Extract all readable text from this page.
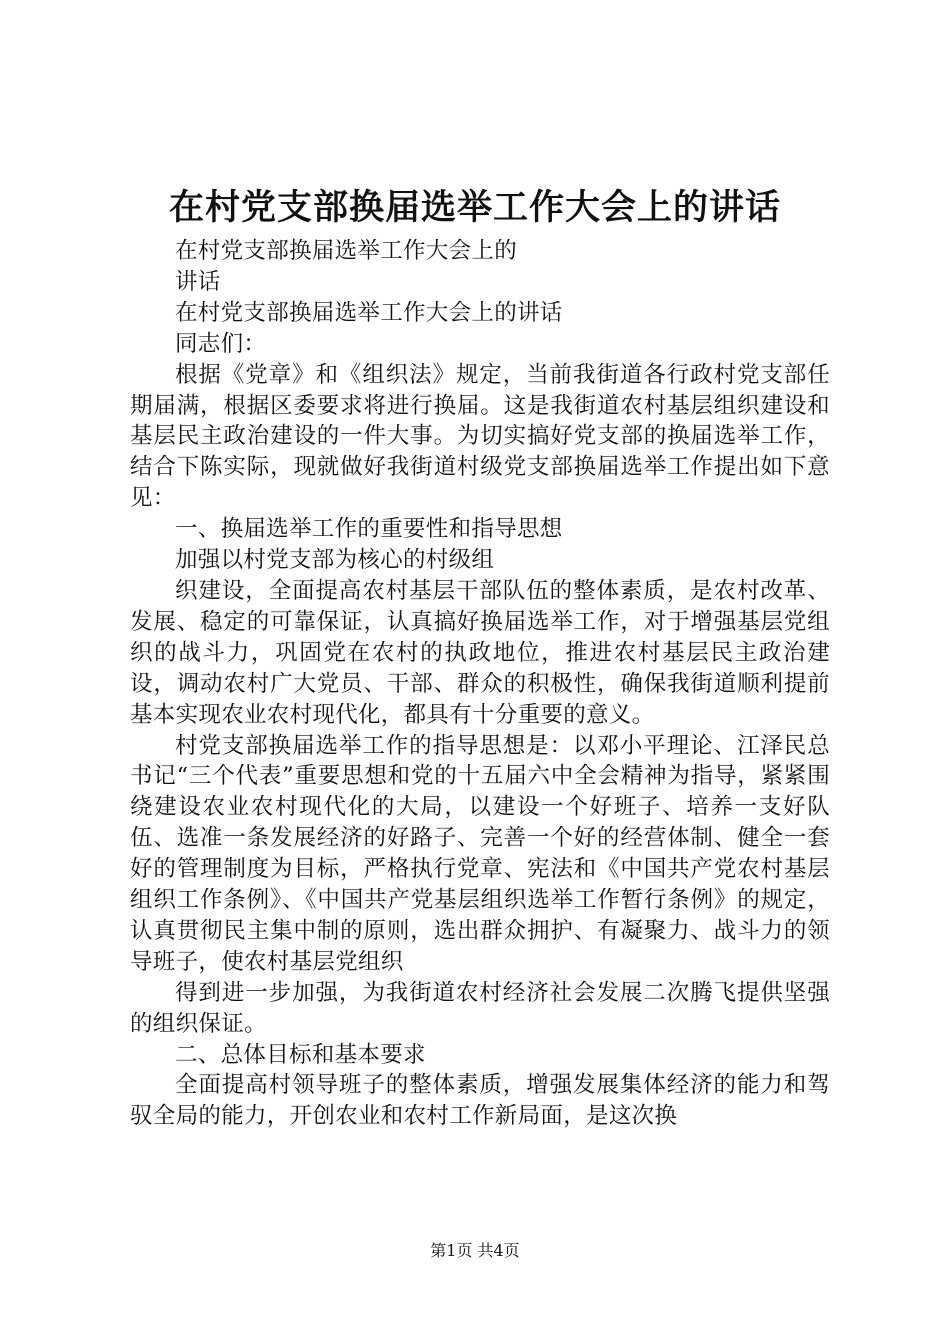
在村党支部换届选举工作大会上的讲话

在村党支部换届选举工作大会上的

讲话

在村党支部换届选举工作大会上的讲话

同志们：

根据《党章》和《组织法》规定，当前我街道各行政村党支部任期届满，根据区委要求将进行换届。这是我街道农村基层组织建设和基层民主政治建设的一件大事。为切实搞好党支部的换届选举工作，结合下陈实际，现就做好我街道村级党支部换届选举工作提出如下意见：

一、换届选举工作的重要性和指导思想

加强以村党支部为核心的村级组

织建设，全面提高农村基层干部队伍的整体素质，是农村改革、发展、稳定的可靠保证，认真搞好换届选举工作，对于增强基层党组织的战斗力，巩固党在农村的执政地位，推进农村基层民主政治建设，调动农村广大党员、干部、群众的积极性，确保我街道顺利提前基本实现农业农村现代化，都具有十分重要的意义。

村党支部换届选举工作的指导思想是：以邓小平理论、江泽民总书记“三个代表”重要思想和党的十五届六中全会精神为指导，紧紧围绕建设农业农村现代化的大局，以建设一个好班子、培养一支好队伍、选准一条发展经济的好路子、完善一个好的经营体制、健全一套好的管理制度为目标，严格执行党章、宪法和《中国共产党农村基层组织工作条例》、《中国共产党基层组织选举工作暂行条例》的规定，认真贯彻民主集中制的原则，选出群众拥护、有凝聚力、战斗力的领导班子，使农村基层党组织

得到进一步加强，为我街道农村经济社会发展二次腾飞提供坚强的组织保证。

二、总体目标和基本要求

全面提高村领导班子的整体素质，增强发展集体经济的能力和驾驭全局的能力，开创农业和农村工作新局面，是这次换

第1页 共4页
